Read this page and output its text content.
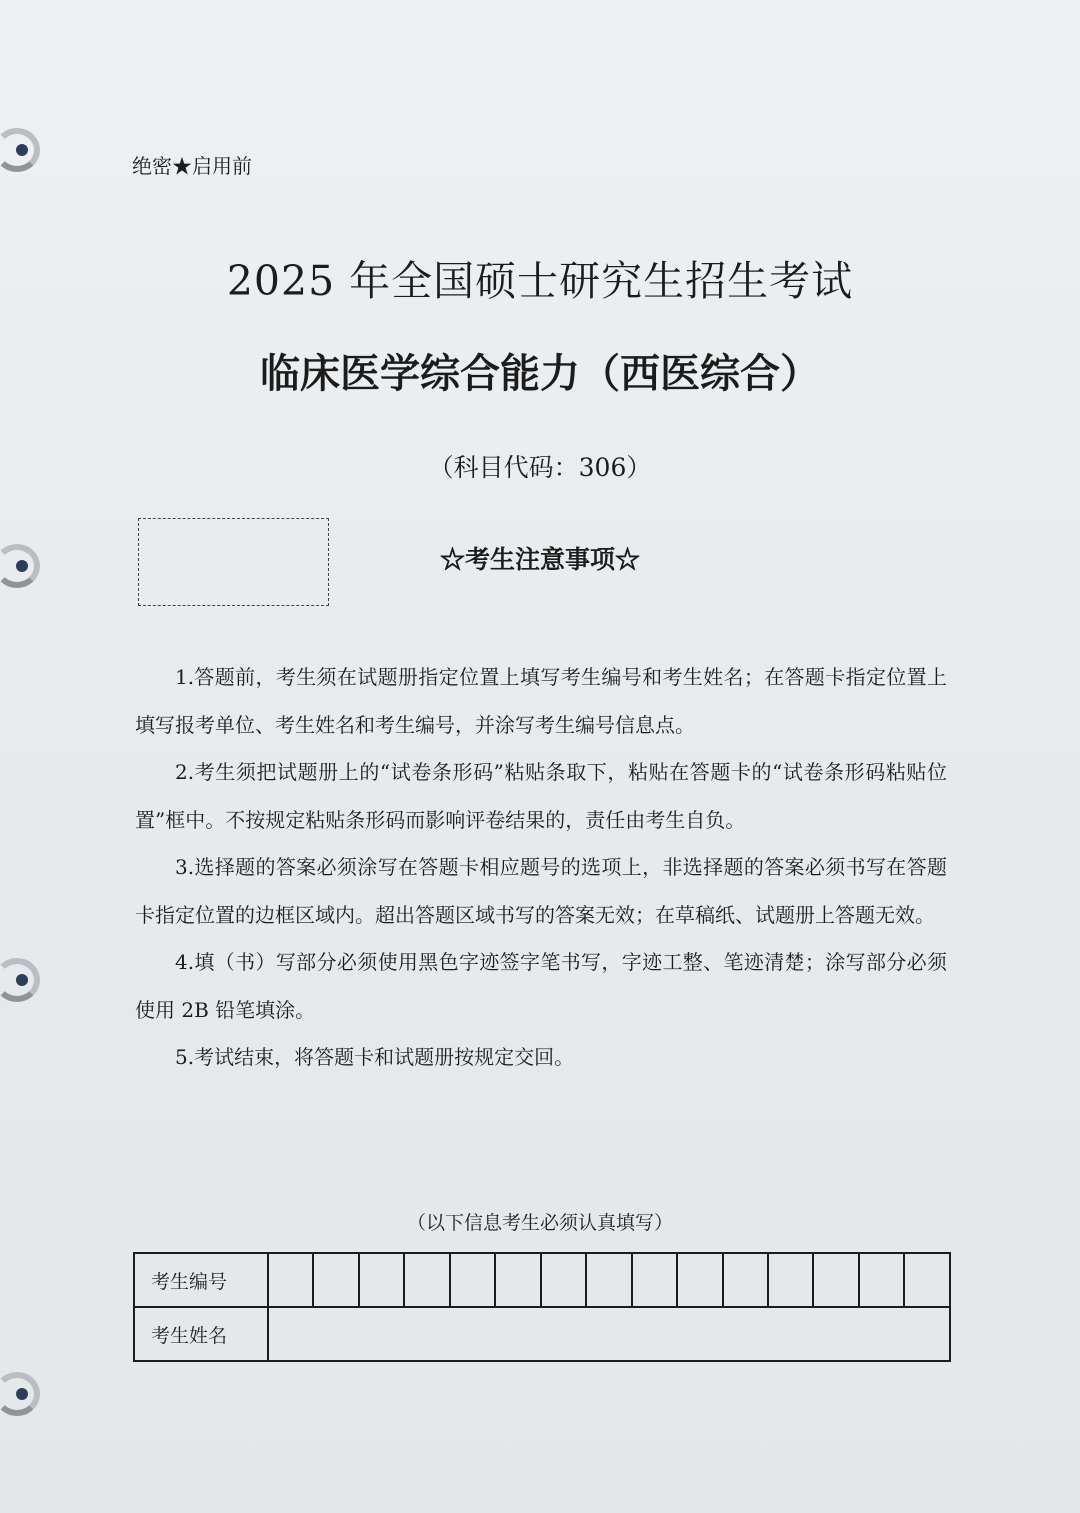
绝密★启用前
2025 年全国硕士研究生招生考试
临床医学综合能力（西医综合）
（科目代码：306）
☆考生注意事项☆

1.答题前，考生须在试题册指定位置上填写考生编号和考生姓名；在答题卡指定位置上填写报考单位、考生姓名和考生编号，并涂写考生编号信息点。

2.考生须把试题册上的“试卷条形码”粘贴条取下，粘贴在答题卡的“试卷条形码粘贴位置”框中。不按规定粘贴条形码而影响评卷结果的，责任由考生自负。

3.选择题的答案必须涂写在答题卡相应题号的选项上，非选择题的答案必须书写在答题卡指定位置的边框区域内。超出答题区域书写的答案无效；在草稿纸、试题册上答题无效。

4.填（书）写部分必须使用黑色字迹签字笔书写，字迹工整、笔迹清楚；涂写部分必须使用 2B 铅笔填涂。

5.考试结束，将答题卡和试题册按规定交回。

（以下信息考生必须认真填写）
考生编号															
考生姓名															
